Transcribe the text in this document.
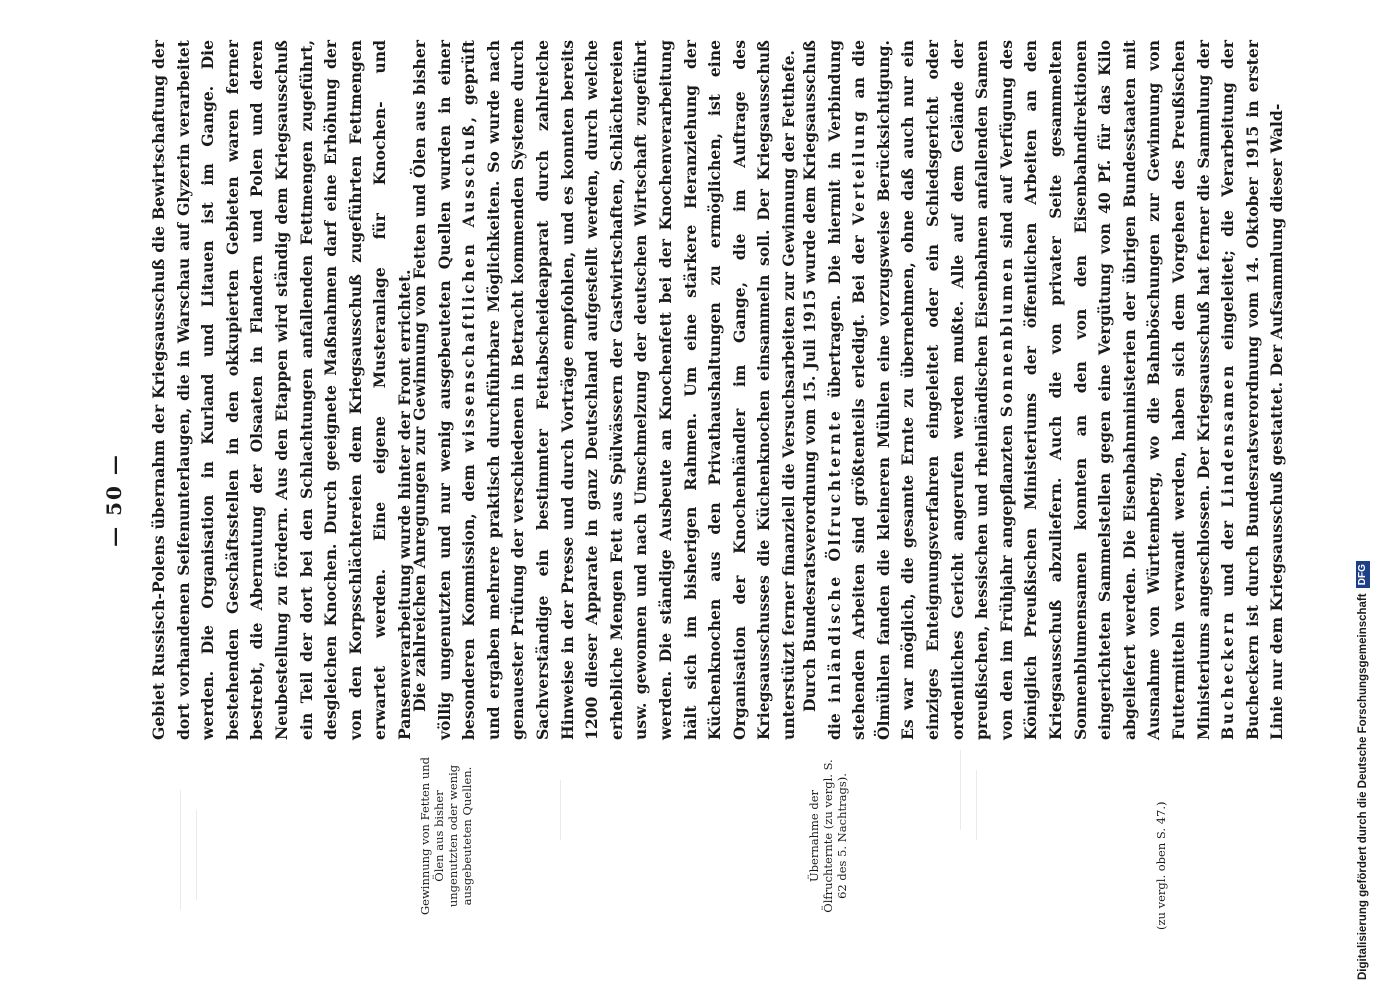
— 50 —
Gewinnung von Fetten und Ölen aus bisher ungenutzten oder wenig ausgebeuteten Quellen.	Übernahme der Ölfruchternte (zu vergl. S. 62 des 5. Nachtrags).	(zu vergl. oben S. 47.)

Gebiet Russisch-Polens übernahm der Kriegsausschuß die Bewirtschaftung der dort vorhandenen Seifenunterlaugen, die in Warschau auf Glyzerin verarbeitet werden. Die Organisation in Kurland und Litauen ist im Gange. Die bestehenden Geschäftsstellen in den okkupierten Gebieten waren ferner bestrebt, die Abernutung der Olsaaten in Flandern und Polen und deren Neubestellung zu fördern. Aus den Etappen wird ständig dem Kriegsausschuß ein Teil der dort bei den Schlachtungen anfallenden Fettmengen zugeführt, desgleichen Knochen. Durch geeignete Maßnahmen darf eine Erhöhung der von den Korpsschlächtereien dem Kriegsausschuß zugeführten Fettmengen erwartet werden. Eine eigene Musteranlage für Knochen- und Pansenverarbeitung wurde hinter der Front errichtet.

Die zahlreichen Anregungen zur Gewinnung von Fetten und Ölen aus bisher völlig ungenutzten und nur wenig ausgebeuteten Quellen wurden in einer besonderen Kommission, dem wissenschaftlichen Ausschuß, geprüft und ergaben mehrere praktisch durchführbare Möglichkeiten. So wurde nach genauester Prüfung der verschiedenen in Betracht kommenden Systeme durch Sachverständige ein bestimmter Fettabscheideapparat durch zahlreiche Hinweise in der Presse und durch Vorträge empfohlen, und es konnten bereits 1200 dieser Apparate in ganz Deutschland aufgestellt werden, durch welche erhebliche Mengen Fett aus Spülwässern der Gastwirtschaften, Schlächtereien usw. gewonnen und nach Umschmelzung der deutschen Wirtschaft zugeführt werden. Die ständige Ausbeute an Knochenfett bei der Knochenverarbeitung hält sich im bisherigen Rahmen. Um eine stärkere Heranziehung der Küchenknochen aus den Privathaushaltungen zu ermöglichen, ist eine Organisation der Knochenhändler im Gange, die im Auftrage des Kriegsausschusses die Küchenknochen einsammeln soll. Der Kriegsausschuß unterstützt ferner finanziell die Versuchsarbeiten zur Gewinnung der Fetthefe. Durch Bundesratsverordnung vom 15. Juli 1915 wurde dem Kriegsausschuß die inländische Ölfruchternte übertragen. Die hiermit in Verbindung stehenden Arbeiten sind größtenteils erledigt. Bei der Verteilung an die Ölmühlen fanden die kleineren Mühlen eine vorzugsweise Berücksichtigung. Es war möglich, die gesamte Ernte zu übernehmen, ohne daß auch nur ein einziges Enteignungsverfahren eingeleitet oder ein Schiedsgericht oder ordentliches Gericht angerufen werden mußte. Alle auf dem Gelände der preußischen, hessischen und rheinländischen Eisenbahnen anfallenden Samen von den im Frühjahr angepflanzten Sonnenblumen sind auf Verfügung des Königlich Preußischen Ministeriums der öffentlichen Arbeiten an den Kriegsausschuß abzuliefern. Auch die von privater Seite gesammelten Sonnenblumensamen konnten an den von den Eisenbahndirektionen eingerichteten Sammelstellen gegen eine Vergütung von 40 Pf. für das Kilo abgeliefert werden. Die Eisenbahnministerien der übrigen Bundesstaaten mit Ausnahme von Württemberg, wo die Bahnböschungen zur Gewinnung von Futtermitteln verwandt werden, haben sich dem Vorgehen des Preußischen Ministeriums angeschlossen. Der Kriegsausschuß hat ferner die Sammlung der Bucheckern und der Lindensamen eingeleitet; die Verarbeitung der Bucheckern ist durch Bundesratsverordnung vom 14. Oktober 1915 in erster Linie nur dem Kriegsausschuß gestattet. Der Aufsammlung dieser Wald-

Digitalisierung gefördert durch die Deutsche Forschungsgemeinschaft DFG
